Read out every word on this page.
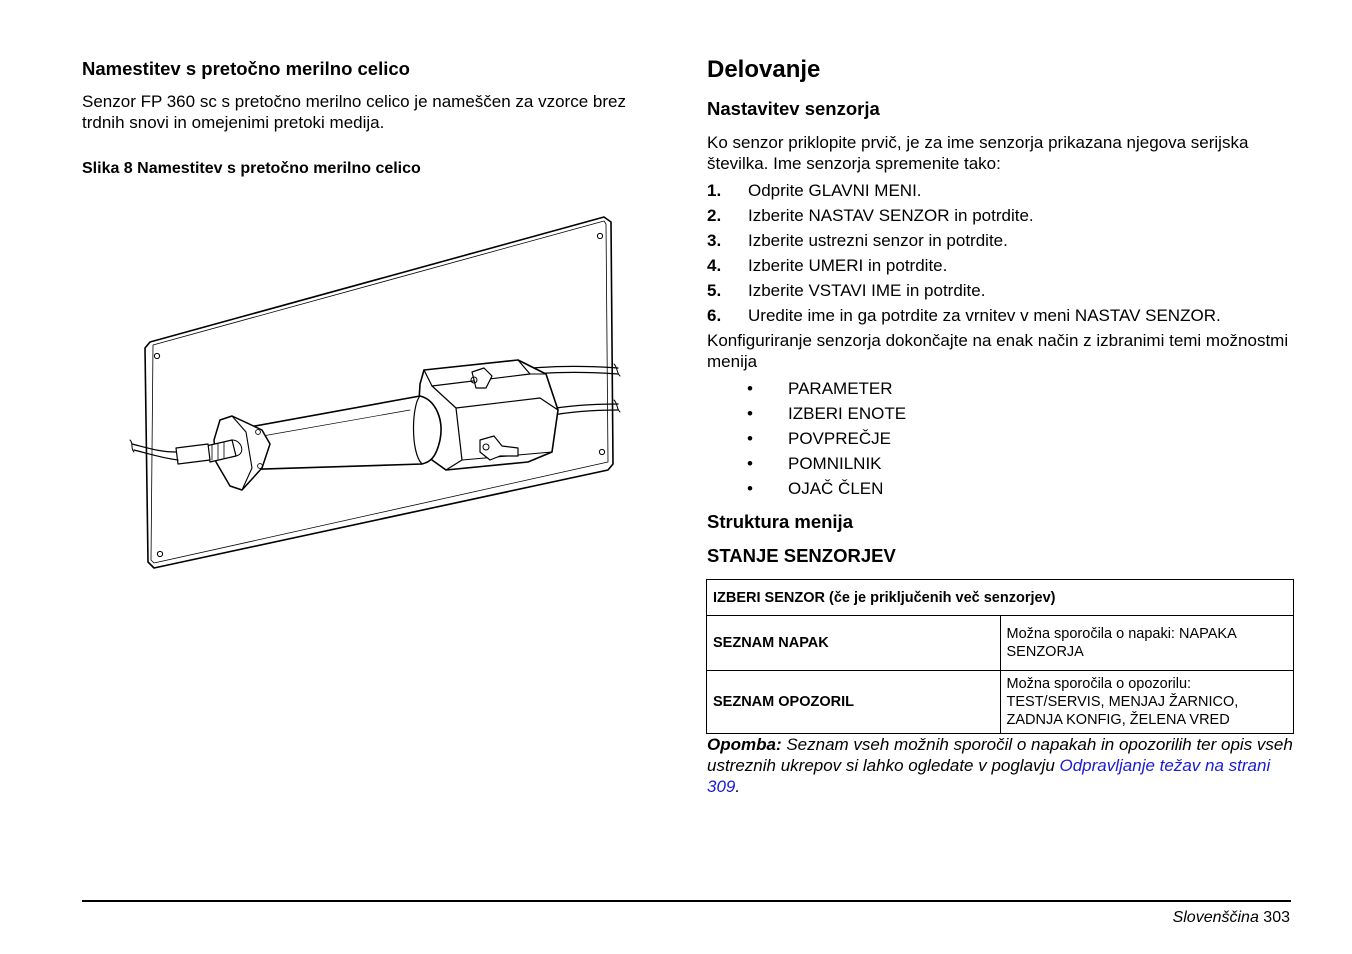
Namestitev s pretočno merilno celico

Senzor FP 360 sc s pretočno merilno celico je nameščen za vzorce brez trdnih snovi in omejenimi pretoki medija.

Slika 8 Namestitev s pretočno merilno celico
Delovanje
Nastavitev senzorja

Ko senzor priklopite prvič, je za ime senzorja prikazana njegova serijska številka. Ime senzorja spremenite tako:

1. Odprite GLAVNI MENI.
2. Izberite NASTAV SENZOR in potrdite.
3. Izberite ustrezni senzor in potrdite.
4. Izberite UMERI in potrdite.
5. Izberite VSTAVI IME in potrdite.
6. Uredite ime in ga potrdite za vrnitev v meni NASTAV SENZOR.

Konfiguriranje senzorja dokončajte na enak način z izbranimi temi možnostmi menija

• PARAMETER
• IZBERI ENOTE
• POVPREČJE
• POMNILNIK
• OJAČ ČLEN
Struktura menija
STANJE SENZORJEV
IZBERI SENZOR (če je priključenih več senzorjev)	
SEZNAM NAPAK	Možna sporočila o napaki: NAPAKA SENZORJA
SEZNAM OPOZORIL	Možna sporočila o opozorilu: TEST/SERVIS, MENJAJ ŽARNICO, ZADNJA KONFIG, ŽELENA VRED

Opomba: Seznam vseh možnih sporočil o napakah in opozorilih ter opis vseh ustreznih ukrepov si lahko ogledate v poglavju Odpravljanje težav na strani 309.

Slovenščina 303
